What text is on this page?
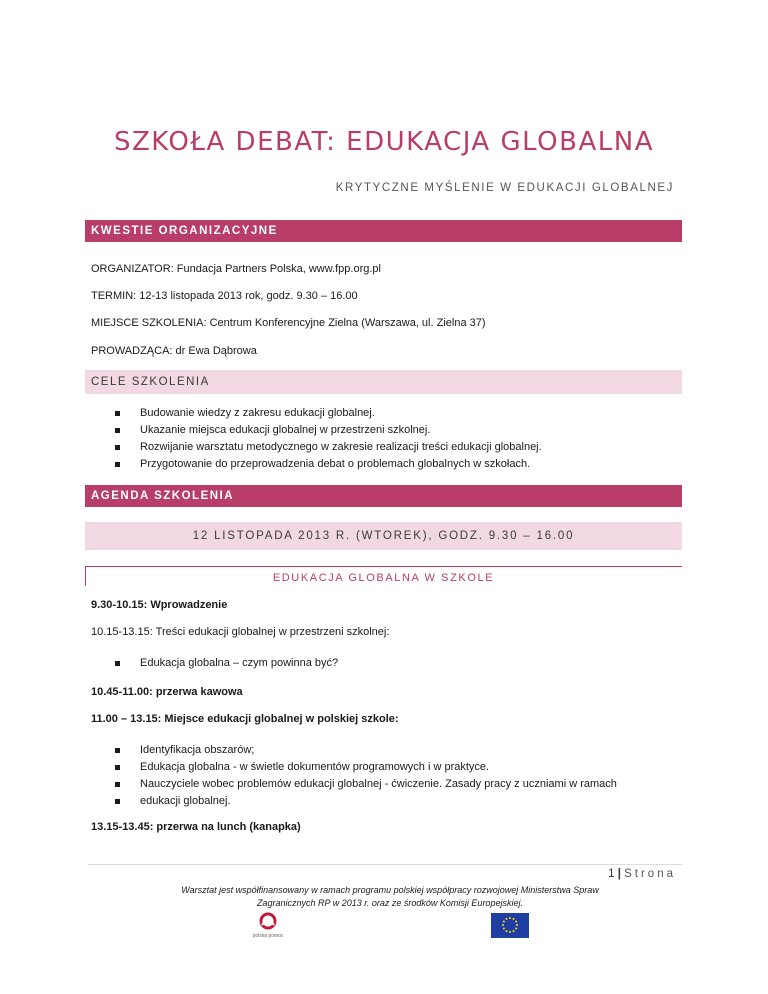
SZKOŁA DEBAT: EDUKACJA GLOBALNA
KRYTYCZNE MYŚLENIE W EDUKACJI GLOBALNEJ
KWESTIE ORGANIZACYJNE
ORGANIZATOR: Fundacja Partners Polska, www.fpp.org.pl
TERMIN: 12-13 listopada 2013 rok, godz. 9.30 – 16.00
MIEJSCE SZKOLENIA: Centrum Konferencyjne Zielna (Warszawa, ul. Zielna 37)
PROWADZĄCA: dr Ewa Dąbrowa
CELE SZKOLENIA
Budowanie wiedzy z zakresu edukacji globalnej.
Ukazanie miejsca edukacji globalnej w przestrzeni szkolnej.
Rozwijanie warsztatu metodycznego w zakresie realizacji treści edukacji globalnej.
Przygotowanie do przeprowadzenia debat o problemach globalnych w szkołach.
AGENDA SZKOLENIA
12 LISTOPADA 2013 R. (WTOREK), GODZ. 9.30 – 16.00
EDUKACJA GLOBALNA W SZKOLE
9.30-10.15: Wprowadzenie
10.15-13.15: Treści edukacji globalnej w przestrzeni szkolnej:
Edukacja globalna – czym powinna być?
10.45-11.00: przerwa kawowa
11.00 – 13.15: Miejsce edukacji globalnej w polskiej szkole:
Identyfikacja obszarów;
Edukacja globalna - w świetle dokumentów programowych i w praktyce.
Nauczyciele wobec problemów edukacji globalnej - ćwiczenie. Zasady pracy z uczniami w ramach
edukacji globalnej.
13.15-13.45: przerwa na lunch (kanapka)
1 | Strona
Warsztat jest współfinansowany w ramach programu polskiej współpracy rozwojowej Ministerstwa Spraw
Zagranicznych RP w 2013 r. oraz ze środków Komisji Europejskiej.
polska pomoc
